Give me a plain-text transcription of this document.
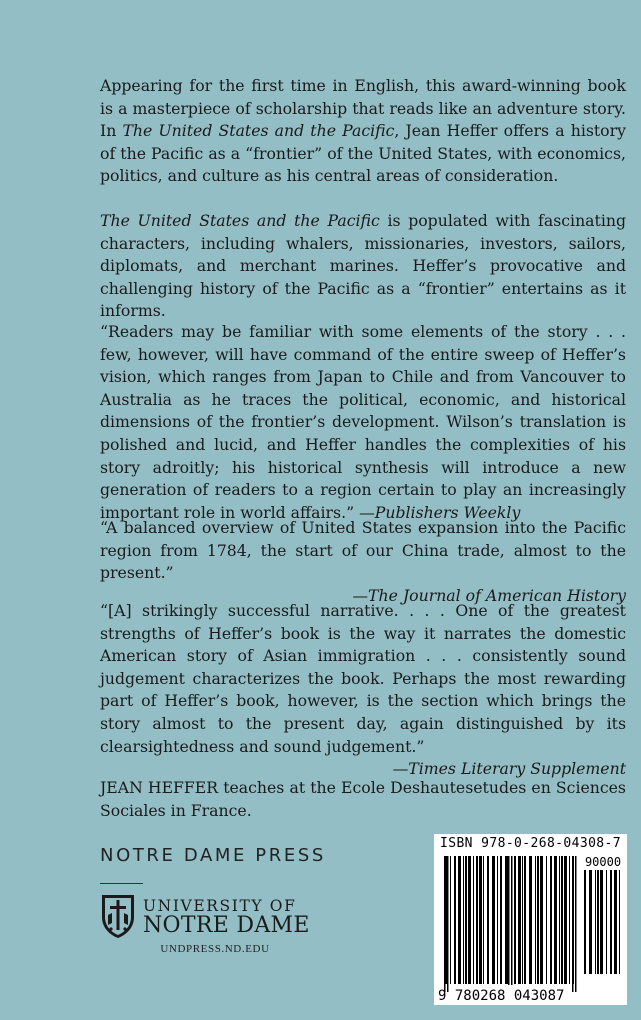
Appearing for the first time in English, this award-winning book is a masterpiece of scholarship that reads like an adventure story. In The United States and the Pacific, Jean Heffer offers a history of the Pacific as a “frontier” of the United States, with economics, politics, and culture as his central areas of consideration.

The United States and the Pacific is populated with fascinating characters, including whalers, missionaries, investors, sailors, diplomats, and merchant marines. Heffer’s provocative and challenging history of the Pacific as a “frontier” entertains as it informs.

“Readers may be familiar with some elements of the story . . . few, however, will have command of the entire sweep of Heffer’s vision, which ranges from Japan to Chile and from Vancouver to Australia as he traces the political, economic, and historical dimensions of the frontier’s development. Wilson’s translation is polished and lucid, and Heffer handles the complexities of his story adroitly; his historical synthesis will introduce a new generation of readers to a region certain to play an increasingly important role in world affairs.” —Publishers Weekly

“A balanced overview of United States expansion into the Pacific region from 1784, the start of our China trade, almost to the present.”

—The Journal of American History

“[A] strikingly successful narrative. . . . One of the greatest strengths of Heffer’s book is the way it narrates the domestic American story of Asian immigration . . . consistently sound judgement characterizes the book. Perhaps the most rewarding part of Heffer’s book, however, is the section which brings the story almost to the present day, again distinguished by its clearsightedness and sound judgement.”

—Times Literary Supplement

JEAN HEFFER teaches at the Ecole Deshautesetudes en Sciences Sociales in France.

NOTRE DAME PRESS
UNIVERSITY OF
NOTRE DAME
UNDPRESS.ND.EDU
ISBN 978-0-268-04308-7
90000
9 780268 043087
